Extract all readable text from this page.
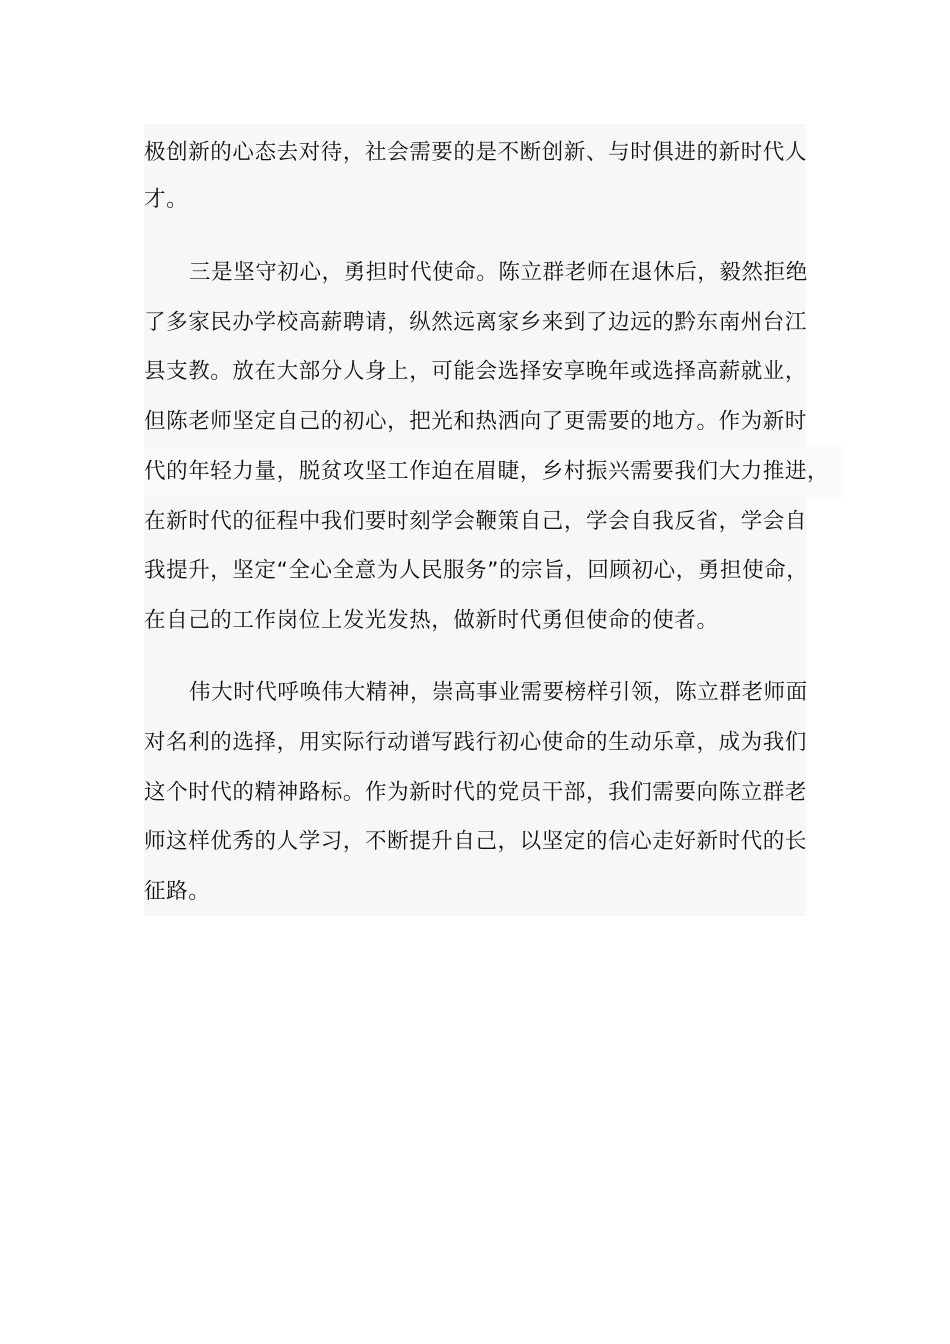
极创新的心态去对待，社会需要的是不断创新、与时俱进的新时代人
才。
三是坚守初心，勇担时代使命。陈立群老师在退休后，毅然拒绝
了多家民办学校高薪聘请，纵然远离家乡来到了边远的黔东南州台江
县支教。放在大部分人身上，可能会选择安享晚年或选择高薪就业，
但陈老师坚定自己的初心，把光和热洒向了更需要的地方。作为新时
代的年轻力量，脱贫攻坚工作迫在眉睫，乡村振兴需要我们大力推进，
在新时代的征程中我们要时刻学会鞭策自己，学会自我反省，学会自
我提升，坚定“全心全意为人民服务”的宗旨，回顾初心，勇担使命，
在自己的工作岗位上发光发热，做新时代勇但使命的使者。
伟大时代呼唤伟大精神，崇高事业需要榜样引领，陈立群老师面
对名利的选择，用实际行动谱写践行初心使命的生动乐章，成为我们
这个时代的精神路标。作为新时代的党员干部，我们需要向陈立群老
师这样优秀的人学习，不断提升自己，以坚定的信心走好新时代的长
征路。
